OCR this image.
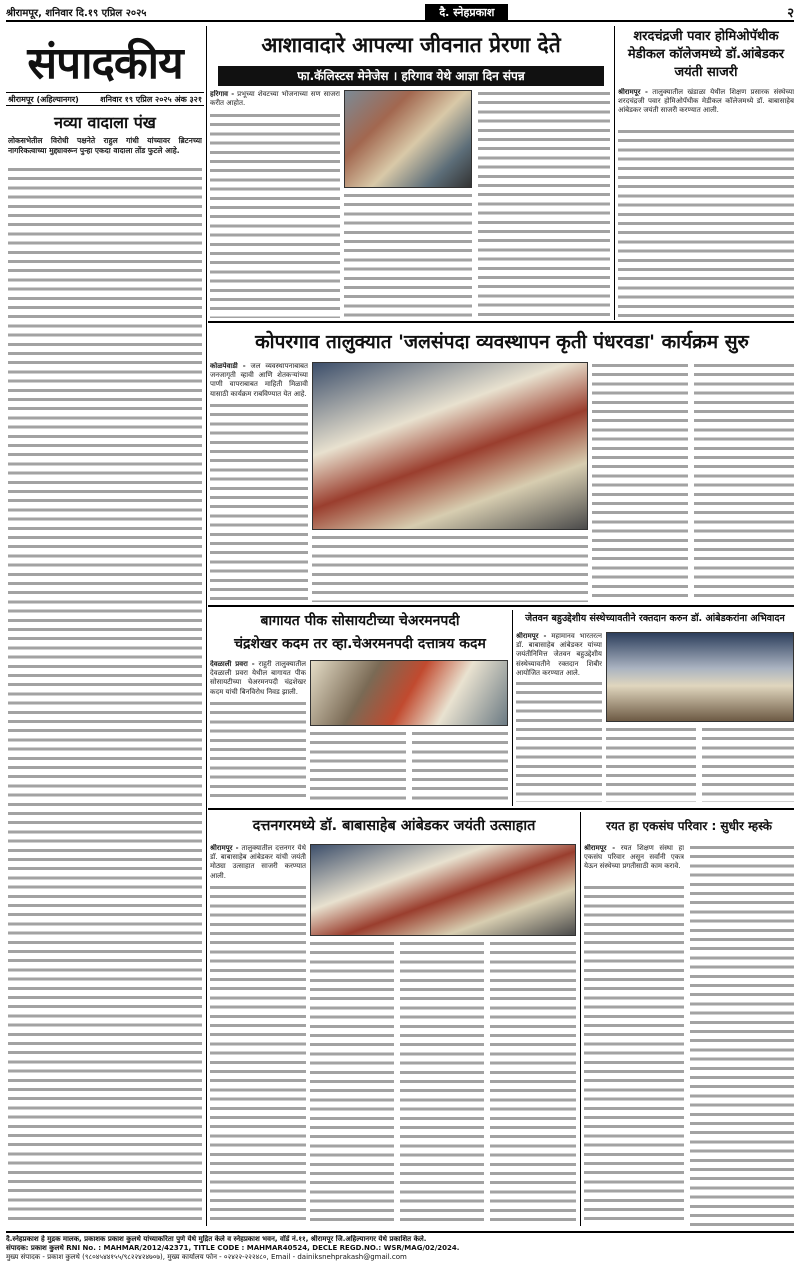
श्रीरामपूर, शनिवार दि.१९ एप्रिल २०२५	दै. स्नेहप्रकाश	२
संपादकीय
श्रीरामपूर (अहिल्यानगर)	शनिवार १९ एप्रिल २०२५ अंक ३२१
नव्या वादाला पंख
लोकसभेतील विरोधी पक्षनेते राहुल गांधी यांच्यावर ब्रिटनच्या नागरिकत्वाच्या मुद्द्यावरून पुन्हा एकदा वादाला तोंड फुटले आहे.
आशावादारे आपल्या जीवनात प्रेरणा देते
फा.कॅलिस्टस मेनेजेस । हरिगाव येथे आज्ञा दिन संपन्न
हरिगाव - प्रभूच्या शेवटच्या भोजनाच्या सण साजरा करीत आहोत.
शरदचंद्रजी पवार होमिओपॅथीक मेडीकल कॉलेजमध्ये डॉ.आंबेडकर जयंती साजरी
श्रीरामपूर - तालुक्यातील खंडाळा येथील शिक्षण प्रसारक संस्थेच्या शरदचंद्रजी पवार होमिओपॅथीक मेडीकल कॉलेजमध्ये डॉ. बाबासाहेब आंबेडकर जयंती साजरी करण्यात आली.
कोपरगाव तालुक्यात 'जलसंपदा व्यवस्थापन कृती पंधरवडा' कार्यक्रम सुरु
कोळपेवाडी - जल व्यवस्थापनाबाबत जनजागृती व्हावी आणि शेतकऱ्यांच्या पाणी वापराबाबत माहिती मिळावी यासाठी कार्यक्रम राबविण्यात येत आहे.
बागायत पीक सोसायटीच्या चेअरमनपदी
चंद्रशेखर कदम तर व्हा.चेअरमनपदी दत्तात्रय कदम
देवळाली प्रवरा - राहुरी तालुक्यातील देवळाली प्रवरा येथील बागायत पीक सोसायटीच्या चेअरमनपदी चंद्रशेखर कदम यांची बिनविरोध निवड झाली.
जेतवन बहुउद्देशीय संस्थेच्यावतीने रक्तदान करुन डॉ. आंबेडकरांना अभिवादन
श्रीरामपूर - महामानव भारतरत्न डॉ. बाबासाहेब आंबेडकर यांच्या जयंतीनिमित्त जेतवन बहुउद्देशीय संस्थेच्यावतीने रक्तदान शिबीर आयोजित करण्यात आले.
दत्तनगरमध्ये डॉ. बाबासाहेब आंबेडकर जयंती उत्साहात
श्रीरामपूर - तालुक्यातील दत्तनगर येथे डॉ. बाबासाहेब आंबेडकर यांची जयंती मोठ्या उत्साहात साजरी करण्यात आली.
रयत हा एकसंघ परिवार : सुधीर म्हस्के
श्रीरामपूर - रयत शिक्षण संस्था हा एकसंघ परिवार असून सर्वांनी एकत्र येऊन संस्थेच्या प्रगतीसाठी काम करावे.
दै.स्नेहप्रकाश हे मुद्रक मालक, प्रकाशक प्रकाश कुलथे यांच्याकरिता पुणे येथे मुद्रित केले व स्नेहप्रकाश भवन, वॉर्ड नं.११, श्रीरामपूर जि.अहिल्यानगर येथे प्रकाशित केले.
संपादक: प्रकाश कुलथे RNI No. : MAHMAR/2012/42371, TITLE CODE : MAHMAR40524, DECLE REGD.NO.: WSR/MAG/02/2024.
मुख्य संपादक - प्रकाश कुलथे (९८०४५४४१५५/९८२२४२४७०७), मुख्य कार्यालय फोन - ०२४२२-२२२४८०, Email - dainiksnehprakash@gmail.com
